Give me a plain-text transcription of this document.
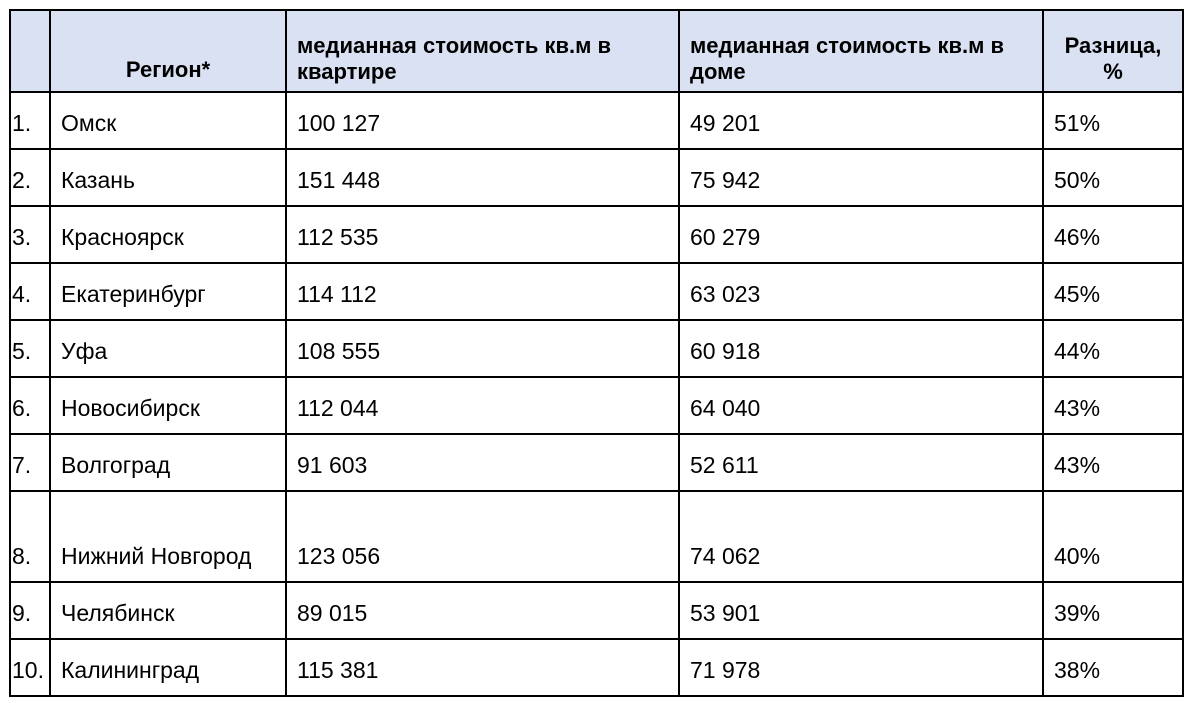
	Регион*	медианная стоимость кв.м в квартире	медианная стоимость кв.м в доме	Разница, %
1.	Омск	100 127	49 201	51%
2.	Казань	151 448	75 942	50%
3.	Красноярск	112 535	60 279	46%
4.	Екатеринбург	114 112	63 023	45%
5.	Уфа	108 555	60 918	44%
6.	Новосибирск	112 044	64 040	43%
7.	Волгоград	91 603	52 611	43%
8.	Нижний Новгород	123 056	74 062	40%
9.	Челябинск	89 015	53 901	39%
10.	Калининград	115 381	71 978	38%
